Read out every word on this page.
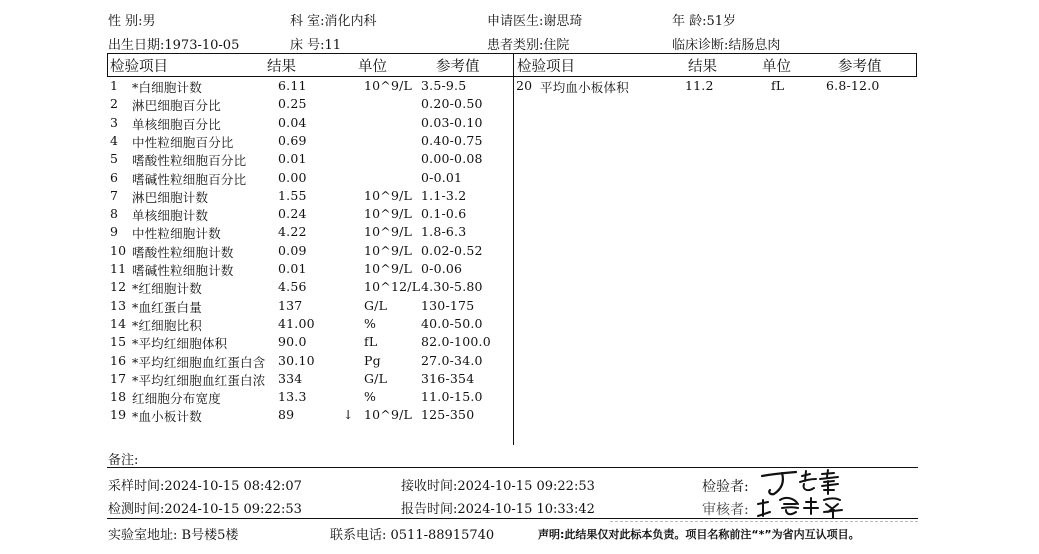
性 别:男	科 室:消化内科	申请医生:谢思琦	年 龄:51岁
出生日期:1973-10-05	床 号:11	患者类别:住院	临床诊断:结肠息肉
检验项目	结果	单位	参考值	检验项目	结果	单位	参考值
1 *白细胞计数	6.11	10^9/L 3.5-9.5
2 淋巴细胞百分比	0.25	0.20-0.50
3 单核细胞百分比	0.04	0.03-0.10
4 中性粒细胞百分比	0.69	0.40-0.75
5 嗜酸性粒细胞百分比	0.01	0.00-0.08
6 嗜碱性粒细胞百分比	0.00	0-0.01
7 淋巴细胞计数	1.55	10^9/L 1.1-3.2
8 单核细胞计数	0.24	10^9/L 0.1-0.6
9 中性粒细胞计数	4.22	10^9/L 1.8-6.3
10 嗜酸性粒细胞计数	0.09	10^9/L 0.02-0.52
11 嗜碱性粒细胞计数	0.01	10^9/L 0-0.06
12 *红细胞计数	4.56	10^12/L 4.30-5.80
13 *血红蛋白量	137	G/L	130-175
14 *红细胞比积	41.00	%	40.0-50.0
15 *平均红细胞体积	90.0	fL	82.0-100.0
16 *平均红细胞血红蛋白含 30.10	Pg	27.0-34.0
17 *平均红细胞血红蛋白浓 334	G/L	316-354
18 红细胞分布宽度	13.3	%	11.0-15.0
19 *血小板计数	89	↓ 10^9/L 125-350
20 平均血小板体积	11.2	fL	6.8-12.0
备注:
采样时间:2024-10-15 08:42:07	接收时间:2024-10-15 09:22:53	检验者:
检测时间:2024-10-15 09:22:53	报告时间:2024-10-15 10:33:42	审核者:
实验室地址: B号楼5楼	联系电话: 0511-88915740	声明:此结果仅对此标本负责。项目名称前注“*”为省内互认项目。
